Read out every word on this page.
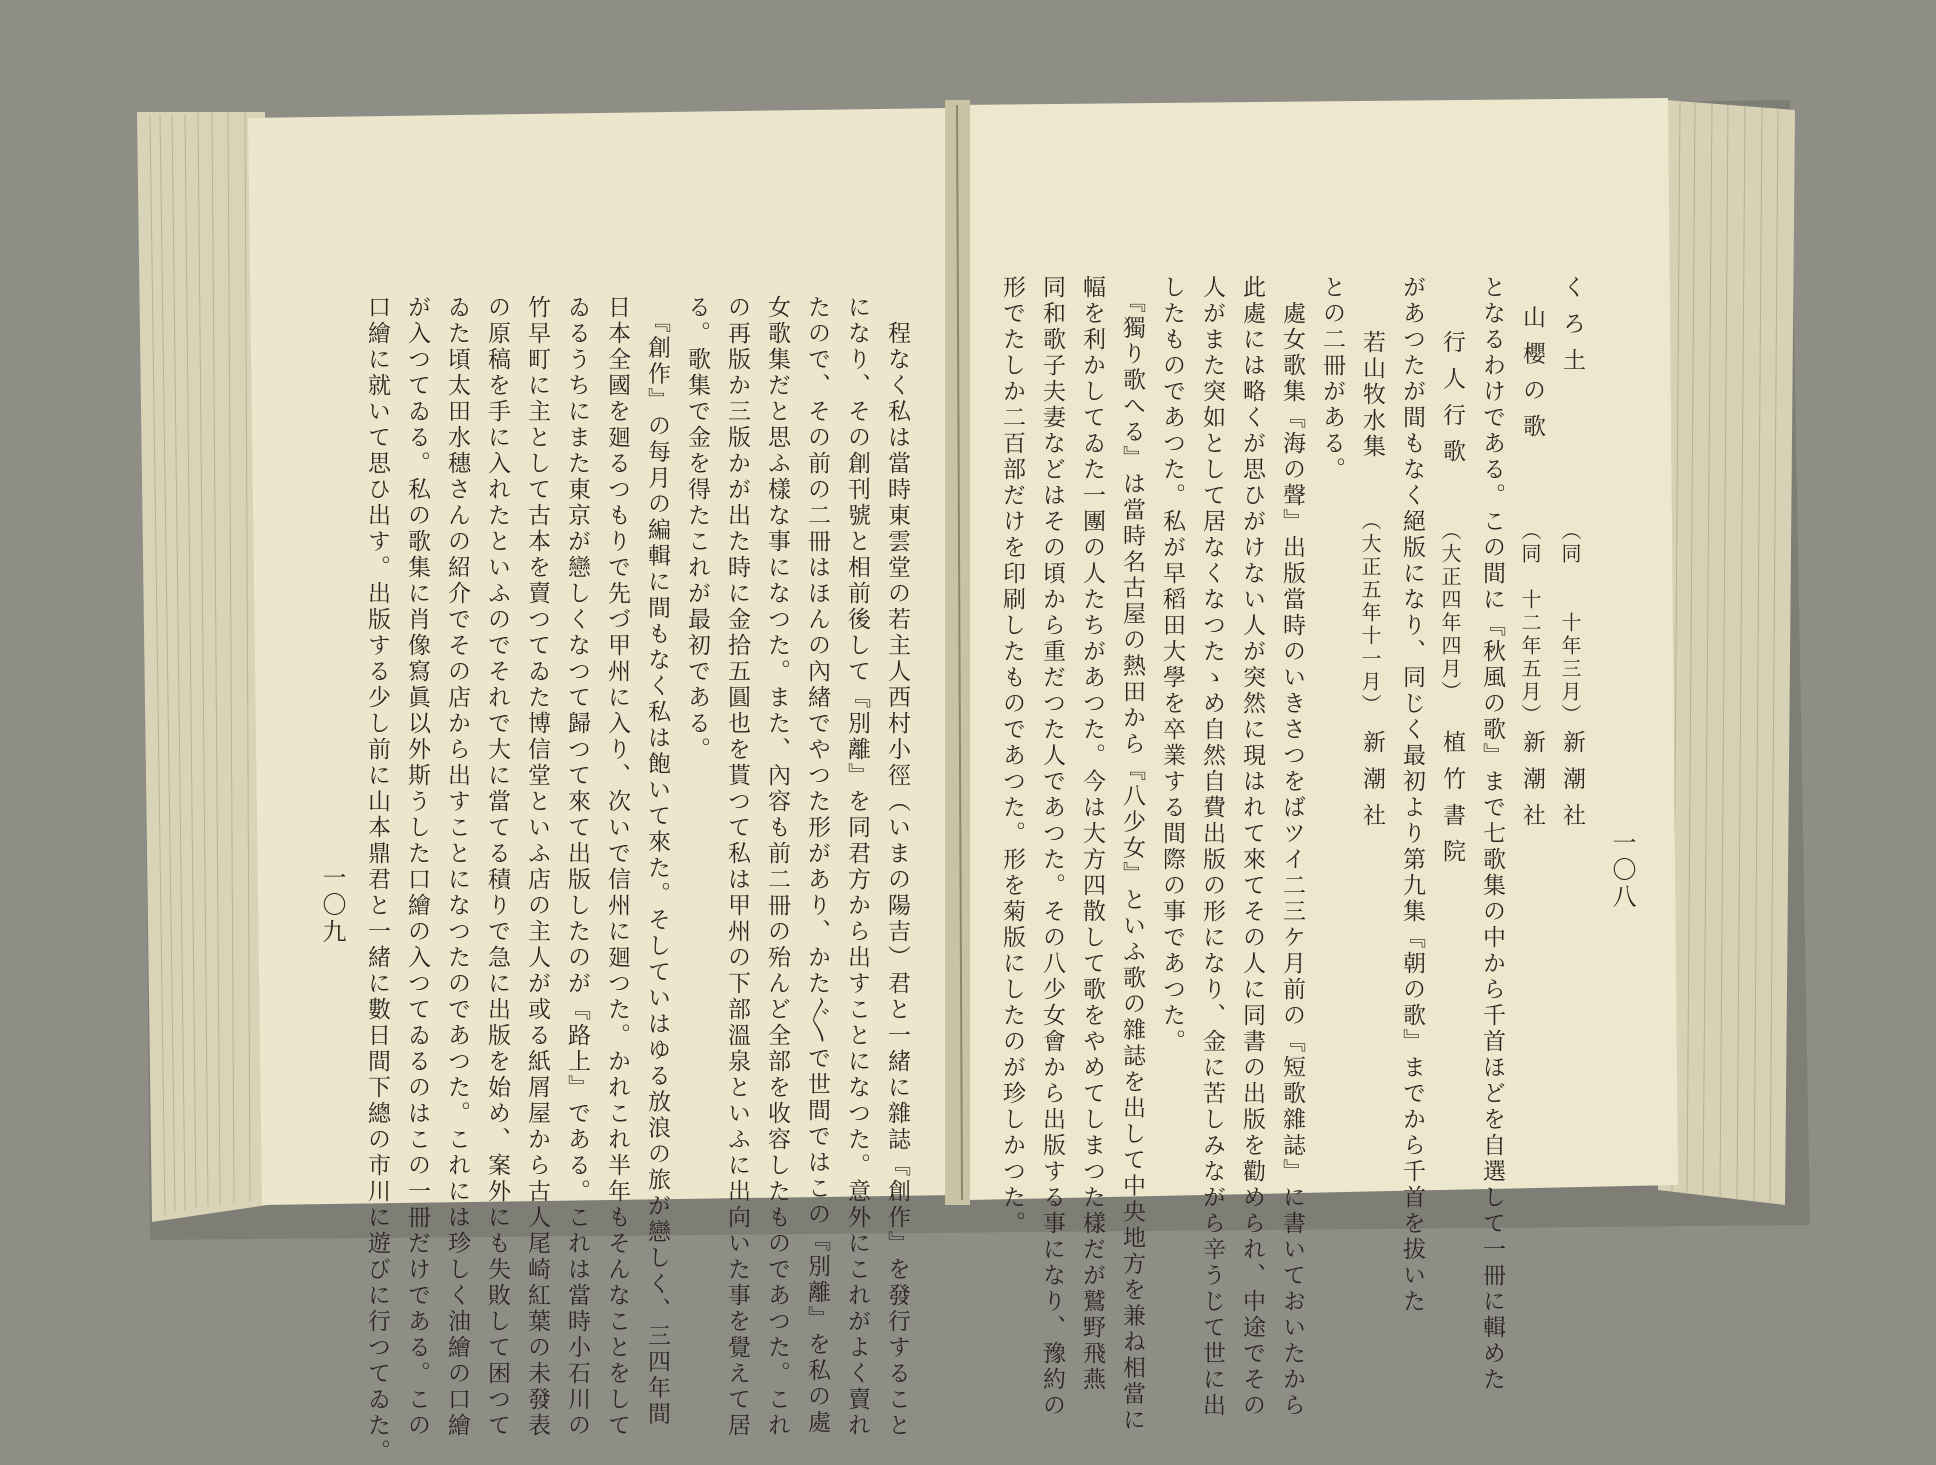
一〇八
く ろ 土
（同　　十年三月）
新 潮 社
山 櫻 の 歌
（同　十二年五月）
新 潮 社
となるわけである。この間に『秋風の歌』まで七歌集の中から千首ほどを自選して一冊に輯めた
行 人 行 歌
（大正四年四月）
植 竹 書 院
があつたが間もなく絕版になり、同じく最初より第九集『朝の歌』までから千首を拔いた
若山牧水集
（大正五年十一月）
新 潮 社
との二冊がある。
　處女歌集『海の聲』出版當時のいきさつをばツイ二三ケ月前の『短歌雜誌』に書いておいたから
此處には略くが思ひがけない人が突然に現はれて來てその人に同書の出版を勸められ、中途でその
人がまた突如として居なくなつたゝめ自然自費出版の形になり、金に苦しみながら辛うじて世に出
したものであつた。私が早稻田大學を卒業する間際の事であつた。
　『獨り歌へる』は當時名古屋の熱田から『八少女』といふ歌の雜誌を出して中央地方を兼ね相當に
幅を利かしてゐた一團の人たちがあつた。今は大方四散して歌をやめてしまつた樣だが鷲野飛燕
同和歌子夫妻などはその頃から重だつた人であつた。その八少女會から出版する事になり、豫約の
形でたしか二百部だけを印刷したものであつた。形を菊版にしたのが珍しかつた。
　程なく私は當時東雲堂の若主人西村小徑（いまの陽吉）君と一緒に雜誌『創作』を發行すること
になり、その創刊號と相前後して『別離』を同君方から出すことになつた。意外にこれがよく賣れ
たので、その前の二冊はほんの內緖でやつた形があり、かた〴〵で世間ではこの『別離』を私の處
女歌集だと思ふ樣な事になつた。また、內容も前二冊の殆んど全部を收容したものであつた。これ
の再版か三版かが出た時に金拾五圓也を貰つて私は甲州の下部溫泉といふに出向いた事を覺えて居
る。歌集で金を得たこれが最初である。
　『創作』の每月の編輯に間もなく私は飽いて來た。そしていはゆる放浪の旅が戀しく、三四年間
日本全國を廻るつもりで先づ甲州に入り、次いで信州に廻つた。かれこれ半年もそんなことをして
ゐるうちにまた東京が戀しくなつて歸つて來て出版したのが『路上』である。これは當時小石川の
竹早町に主として古本を賣つてゐた博信堂といふ店の主人が或る紙屑屋から古人尾崎紅葉の未發表
の原稿を手に入れたといふのでそれで大に當てる積りで急に出版を始め、案外にも失敗して困つて
ゐた頃太田水穗さんの紹介でその店から出すことになつたのであつた。これには珍しく油繪の口繪
が入つてゐる。私の歌集に肖像寫眞以外斯うした口繪の入つてゐるのはこの一冊だけである。この
口繪に就いて思ひ出す。出版する少し前に山本鼎君と一緒に數日間下總の市川に遊びに行つてゐた。
一〇九
